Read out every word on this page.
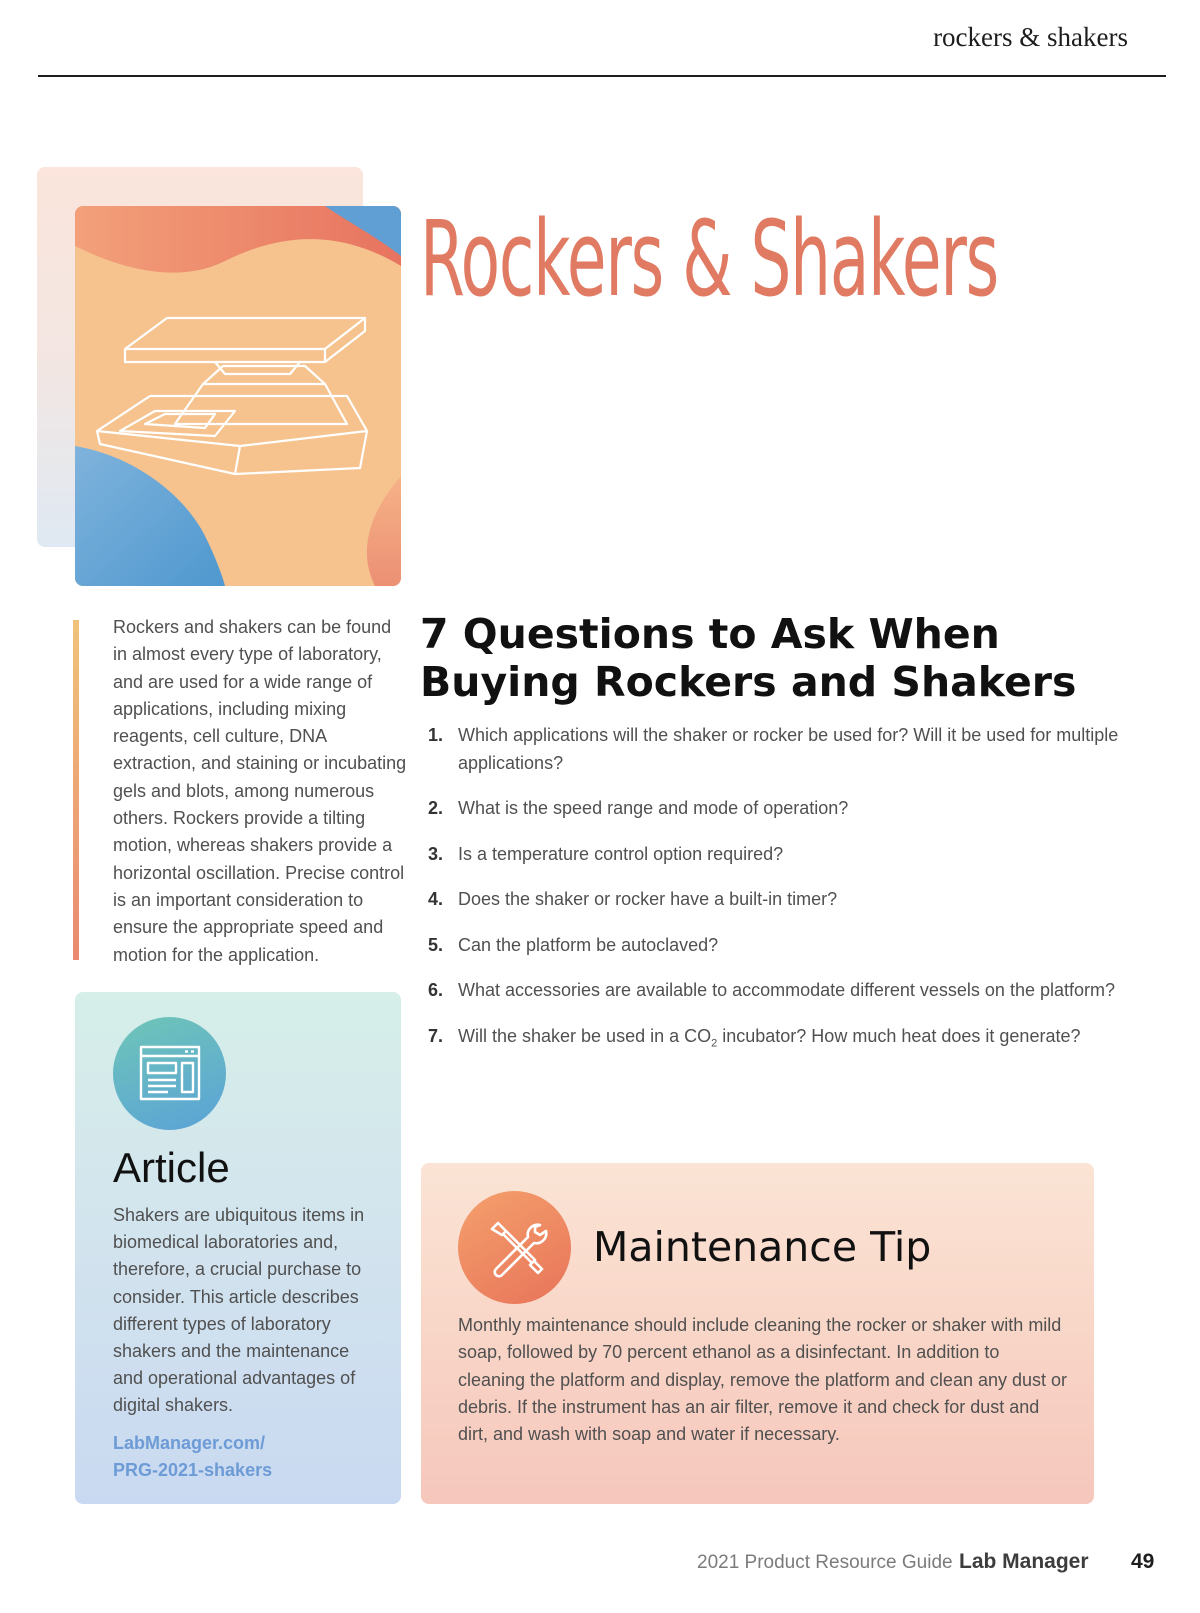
rockers & shakers
Rockers & Shakers

Rockers and shakers can be found in almost every type of laboratory, and are used for a wide range of applications, including mixing reagents, cell culture, DNA extraction, and staining or incubating gels and blots, among numerous others. Rockers provide a tilting motion, whereas shakers provide a horizontal oscillation. Precise control is an important consideration to ensure the appropriate speed and motion for the application.

7 Questions to Ask When Buying Rockers and Shakers
1. Which applications will the shaker or rocker be used for? Will it be used for multiple applications?
2. What is the speed range and mode of operation?
3. Is a temperature control option required?
4. Does the shaker or rocker have a built-in timer?
5. Can the platform be autoclaved?
6. What accessories are available to accommodate different vessels on the platform?
7. Will the shaker be used in a $CO_2$ incubator? How much heat does it generate?
Article

Shakers are ubiquitous items in biomedical laboratories and, therefore, a crucial purchase to consider. This article describes different types of laboratory shakers and the maintenance and operational advantages of digital shakers.

LabManager.com/
PRG-2021-shakers
Maintenance Tip

Monthly maintenance should include cleaning the rocker or shaker with mild soap, followed by 70 percent ethanol as a disinfectant. In addition to cleaning the platform and display, remove the platform and clean any dust or debris. If the instrument has an air filter, remove it and check for dust and dirt, and wash with soap and water if necessary.

2021 Product Resource Guide Lab Manager 49
